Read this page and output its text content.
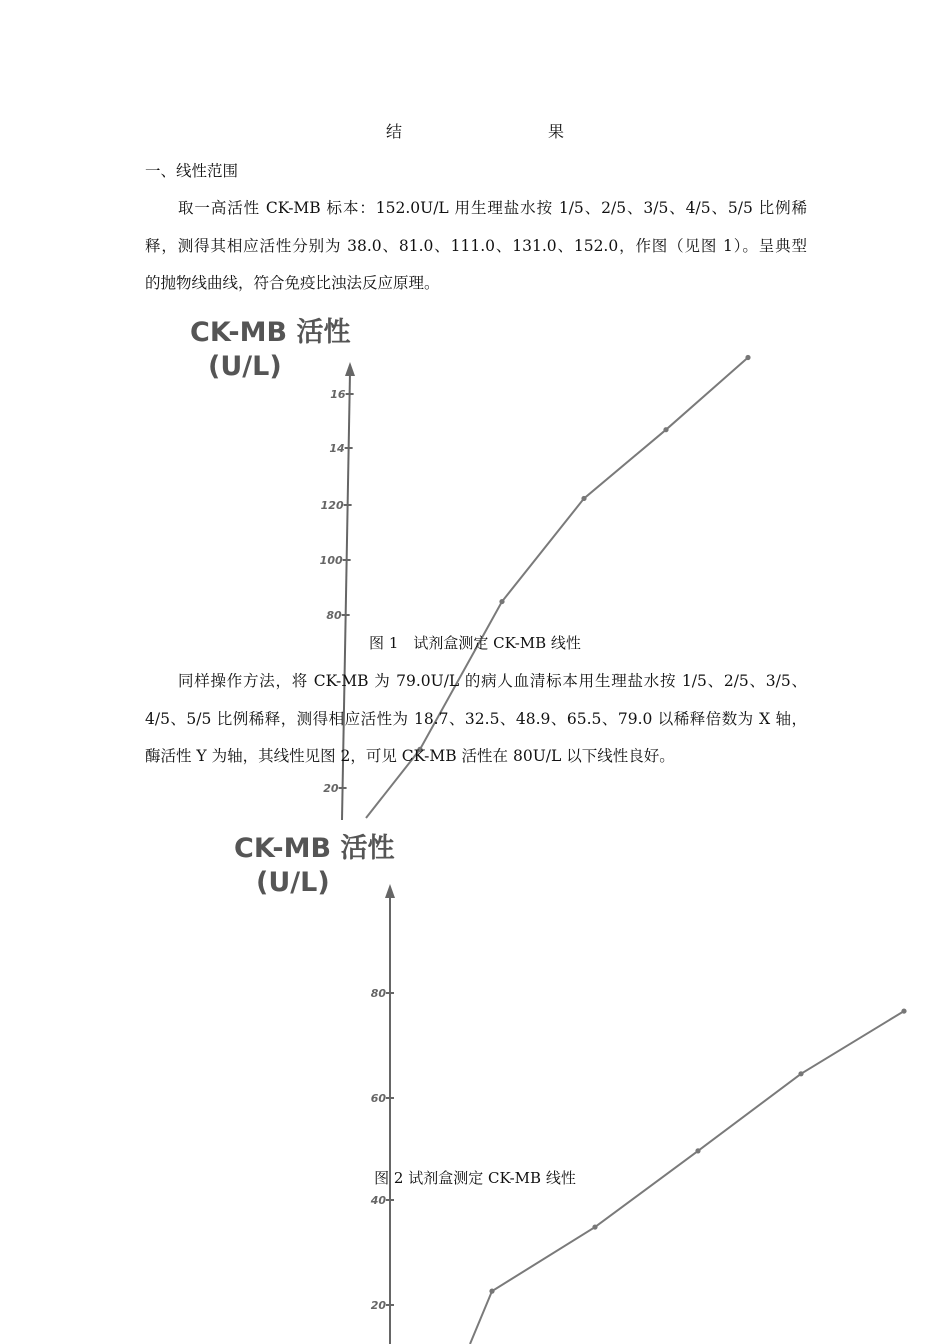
结　　果
一、线性范围
取一高活性 CK-MB 标本：152.0U/L 用生理盐水按 1/5、2/5、3/5、4/5、5/5 比例稀
释，测得其相应活性分别为 38.0、81.0、111.0、131.0、152.0，作图（见图 1）。呈典型
的抛物线曲线，符合免疫比浊法反应原理。
CK-MB 活性
(U/L)
CK-MB 活性
(U/L)
16
14
120
100
80
20
80
60
40
20
图 1　试剂盒测定 CK-MB 线性
同样操作方法，将 CK-MB 为 79.0U/L 的病人血清标本用生理盐水按 1/5、2/5、3/5、
4/5、5/5 比例稀释，测得相应活性为 18.7、32.5、48.9、65.5、79.0 以稀释倍数为 X 轴，
酶活性 Y 为轴，其线性见图 2，可见 CK-MB 活性在 80U/L 以下线性良好。
图 2 试剂盒测定 CK-MB 线性
